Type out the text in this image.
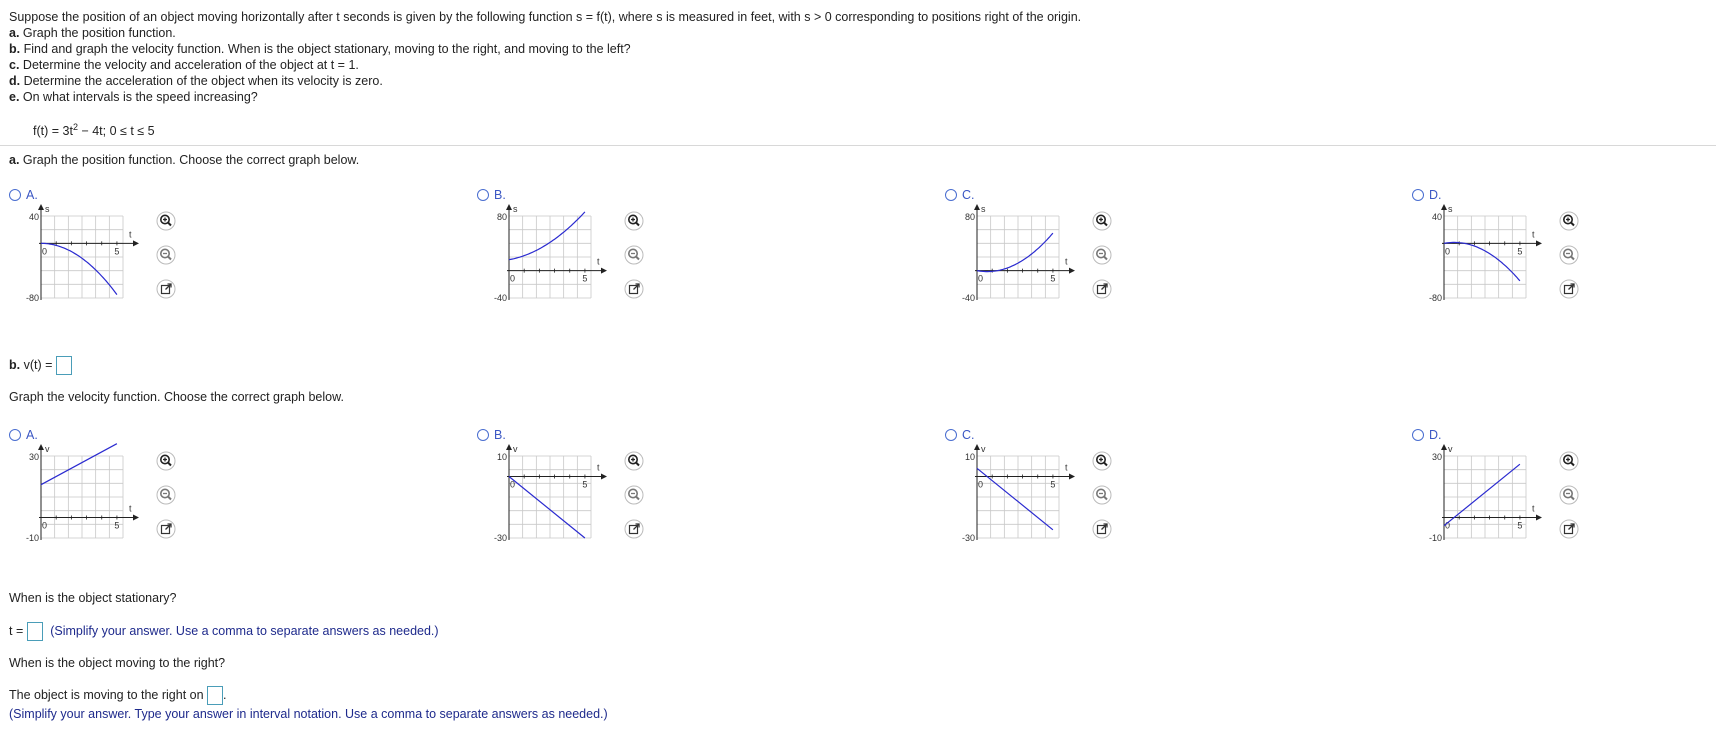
Suppose the position of an object moving horizontally after t seconds is given by the following function s = f(t), where s is measured in feet, with s > 0 corresponding to positions right of the origin.

a. Graph the position function.

b. Find and graph the velocity function. When is the object stationary, moving to the right, and moving to the left?

c. Determine the velocity and acceleration of the object at t = 1.

d. Determine the acceleration of the object when its velocity is zero.

e. On what intervals is the speed increasing?

$f(t) = 3t^2 - 4t$; 0 ≤ t ≤ 5
a. Graph the position function. Choose the correct graph below.
A.
s
t
40
-80
0	5
B.
s
t
80
-40
0	5
C.
s
t
80
-40
0	5
D.
s
t
40
-80
0	5
b. v(t) =
Graph the velocity function. Choose the correct graph below.
A.
v
t
30
-10
0	5
B.
v
t
10
-30
0	5
C.
v
t
10
-30
0	5
D.
v
t
30
-10
0	5
When is the object stationary?
t =  (Simplify your answer. Use a comma to separate answers as needed.)
When is the object moving to the right?
The object is moving to the right on .
(Simplify your answer. Type your answer in interval notation. Use a comma to separate answers as needed.)
